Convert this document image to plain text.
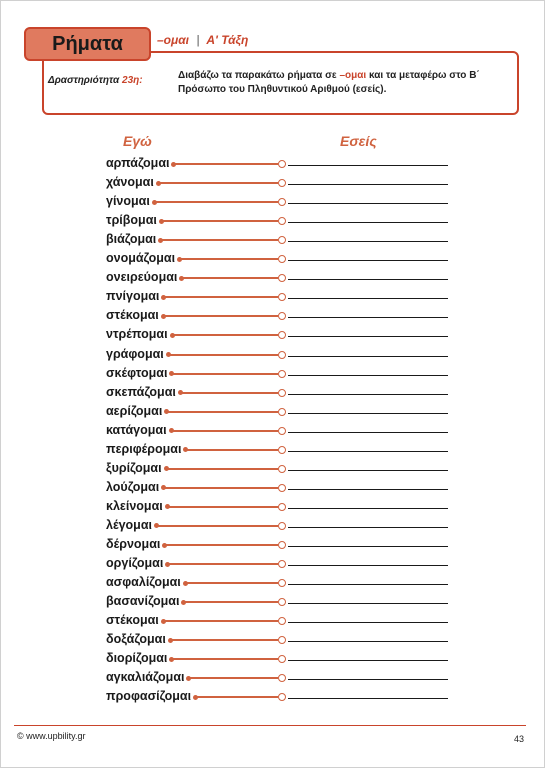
Ρήματα	–ομαι | Α' Τάξη
Δραστηριότητα 23η:	Διαβάζω τα παρακάτω ρήματα σε –ομαι και τα μεταφέρω στο Β΄ Πρόσωπο του Πληθυντικού Αριθμού (εσείς).
Εγώ	Εσείς
αρπάζομαι
χάνομαι
γίνομαι
τρίβομαι
βιάζομαι
ονομάζομαι
ονειρεύομαι
πνίγομαι
στέκομαι
ντρέπομαι
γράφομαι
σκέφτομαι
σκεπάζομαι
αερίζομαι
κατάγομαι
περιφέρομαι
ξυρίζομαι
λούζομαι
κλείνομαι
λέγομαι
δέρνομαι
οργίζομαι
ασφαλίζομαι
βασανίζομαι
στέκομαι
δοξάζομαι
διορίζομαι
αγκαλιάζομαι
προφασίζομαι
© www.upbility.gr	43
